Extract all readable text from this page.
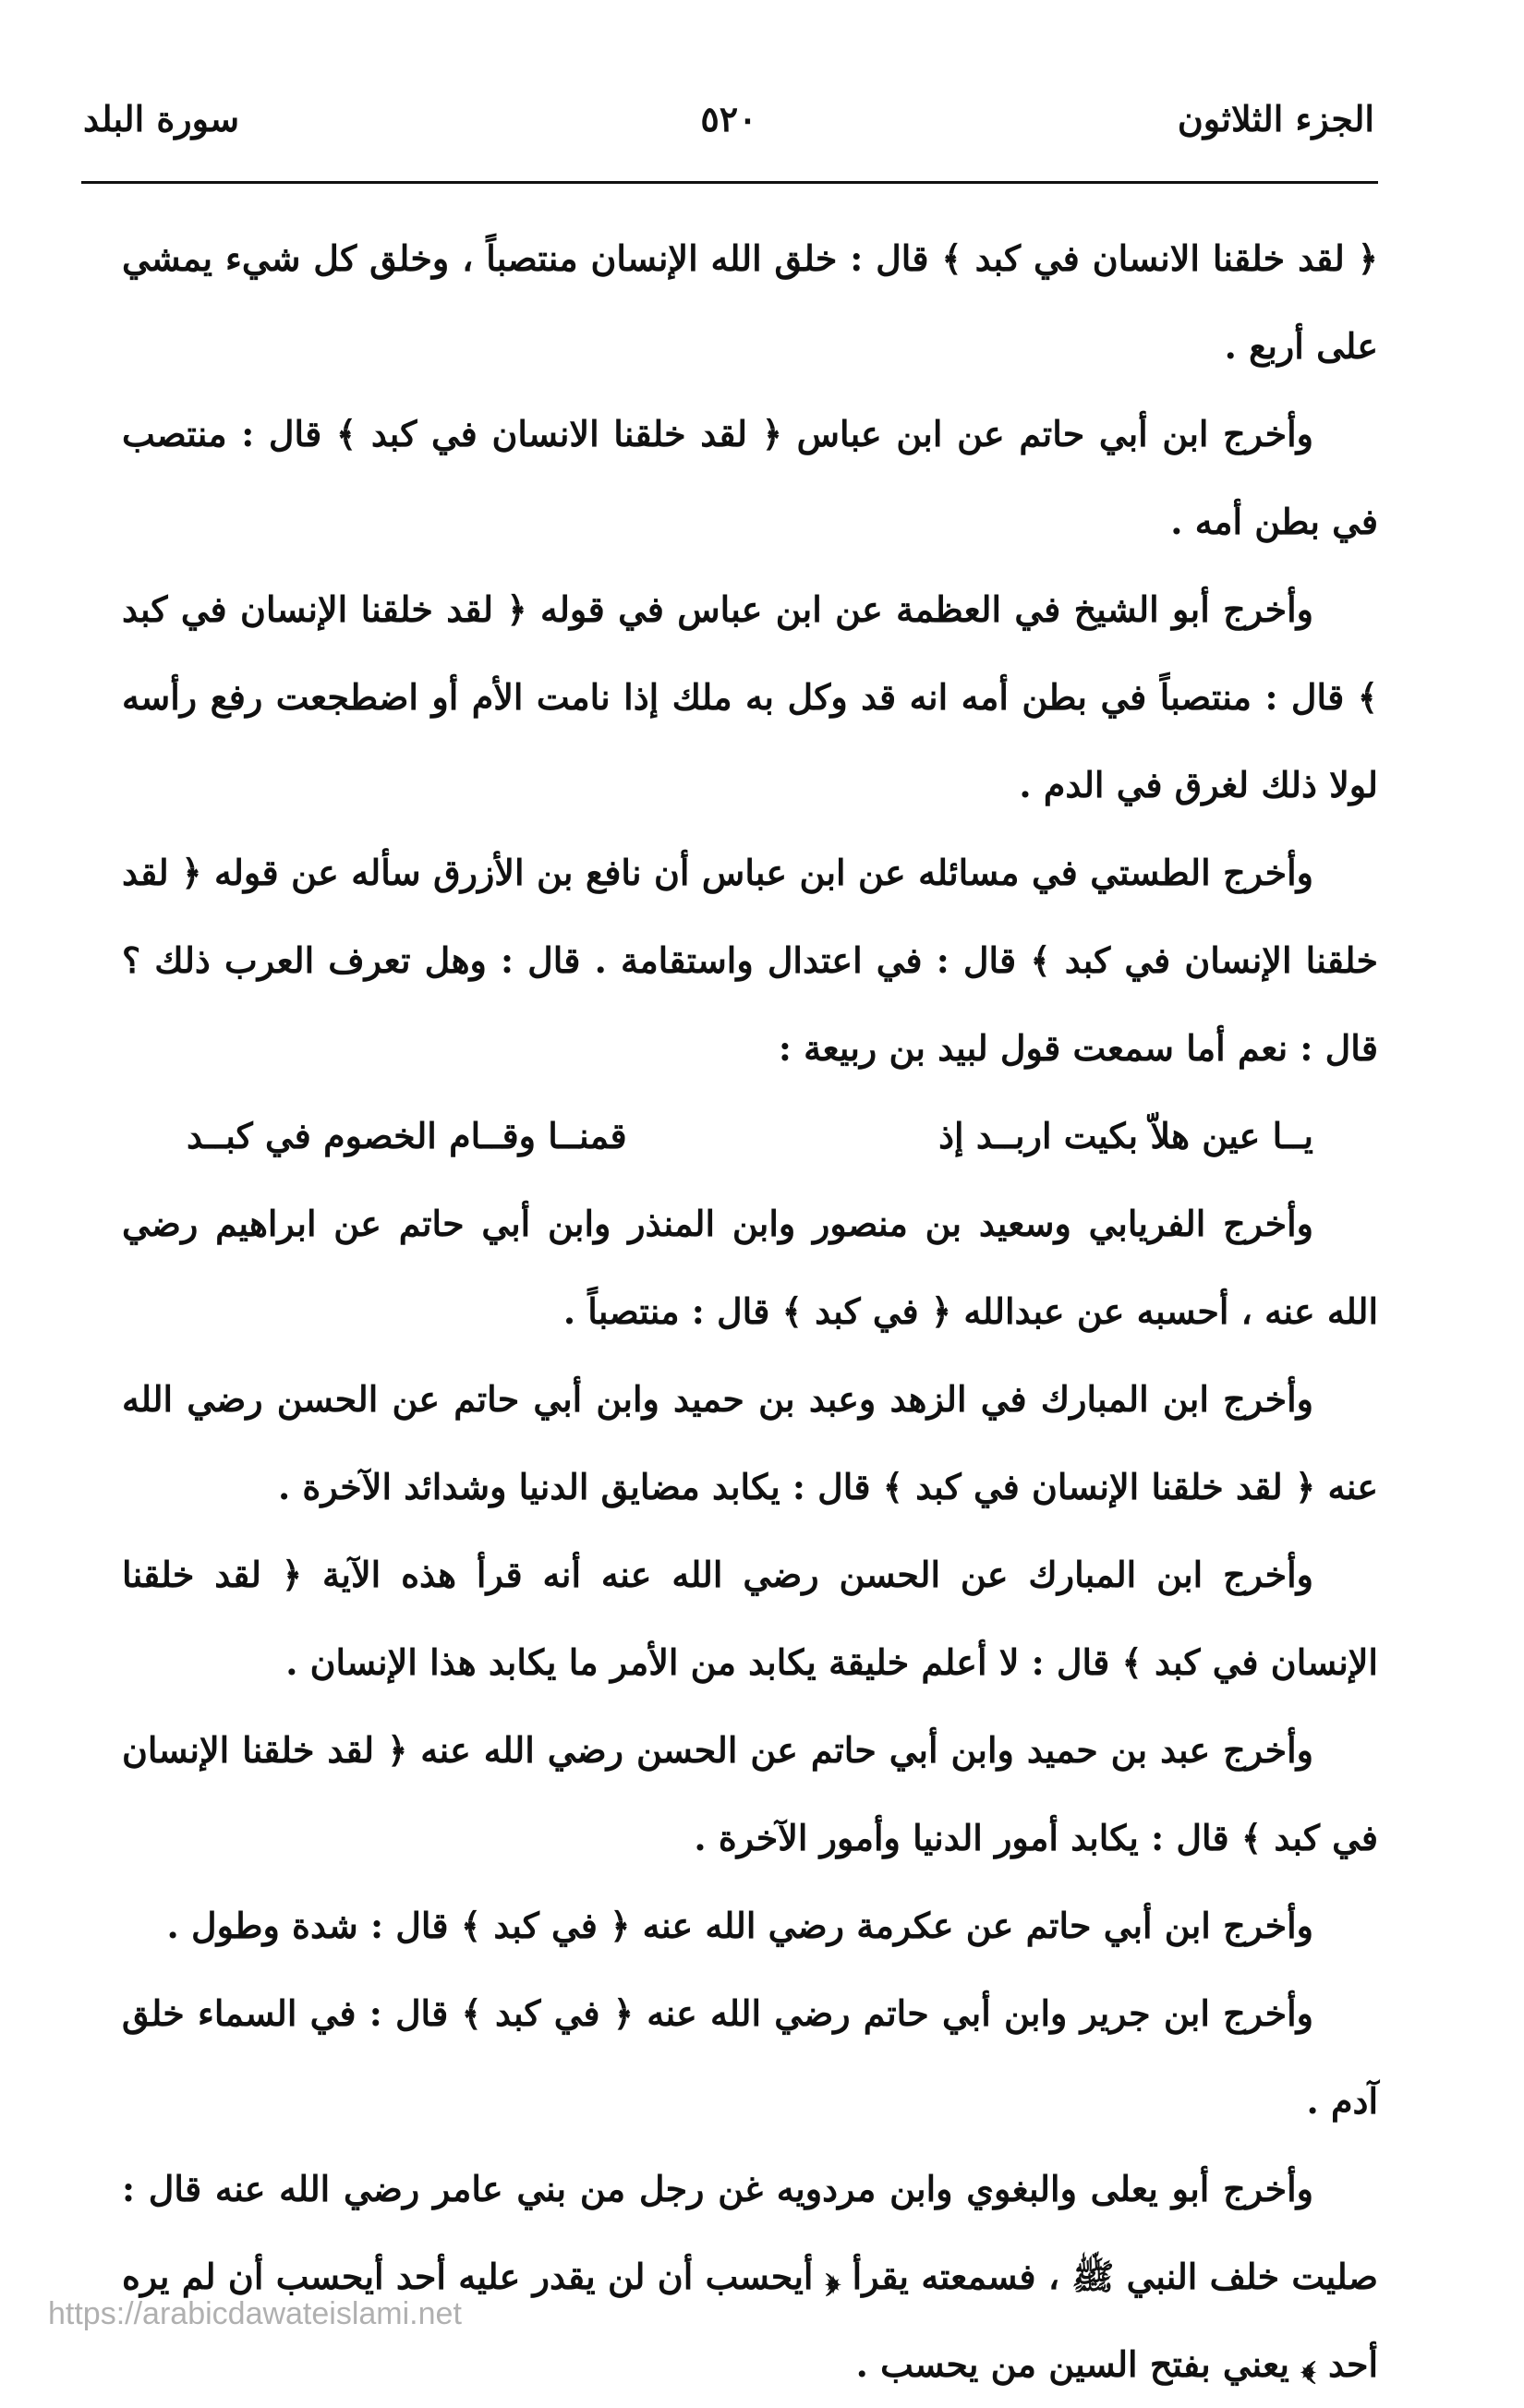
الجزء الثلاثون
٥٢٠
سورة البلد

﴿ لقد خلقنا الانسان في كبد ﴾ قال : خلق الله الإنسان منتصباً ، وخلق كل شيء يمشي على أربع .

وأخرج ابن أبي حاتم عن ابن عباس ﴿ لقد خلقنا الانسان في كبد ﴾ قال : منتصب في بطن أمه .

وأخرج أبو الشيخ في العظمة عن ابن عباس في قوله ﴿ لقد خلقنا الإنسان في كبد ﴾ قال : منتصباً في بطن أمه انه قد وكل به ملك إذا نامت الأم أو اضطجعت رفع رأسه لولا ذلك لغرق في الدم .

وأخرج الطستي في مسائله عن ابن عباس أن نافع بن الأزرق سأله عن قوله ﴿ لقد خلقنا الإنسان في كبد ﴾ قال : في اعتدال واستقامة . قال : وهل تعرف العرب ذلك ؟ قال : نعم أما سمعت قول لبيد بن ربيعة :

يــا عين هلاّ بكيت اربــد إذ
قمنــا وقــام الخصوم في كبــد

وأخرج الفريابي وسعيد بن منصور وابن المنذر وابن أبي حاتم عن ابراهيم رضي الله عنه ، أحسبه عن عبدالله ﴿ في كبد ﴾ قال : منتصباً .

وأخرج ابن المبارك في الزهد وعبد بن حميد وابن أبي حاتم عن الحسن رضي الله عنه ﴿ لقد خلقنا الإنسان في كبد ﴾ قال : يكابد مضايق الدنيا وشدائد الآخرة .

وأخرج ابن المبارك عن الحسن رضي الله عنه أنه قرأ هذه الآية ﴿ لقد خلقنا الإنسان في كبد ﴾ قال : لا أعلم خليقة يكابد من الأمر ما يكابد هذا الإنسان .

وأخرج عبد بن حميد وابن أبي حاتم عن الحسن رضي الله عنه ﴿ لقد خلقنا الإنسان في كبد ﴾ قال : يكابد أمور الدنيا وأمور الآخرة .

وأخرج ابن أبي حاتم عن عكرمة رضي الله عنه ﴿ في كبد ﴾ قال : شدة وطول .

وأخرج ابن جرير وابن أبي حاتم رضي الله عنه ﴿ في كبد ﴾ قال : في السماء خلق آدم .

وأخرج أبو يعلى والبغوي وابن مردويه غن رجل من بني عامر رضي الله عنه قال : صليت خلف النبي ﷺ ، فسمعته يقرأ ﴿ أيحسب أن لن يقدر عليه أحد أيحسب أن لم يره أحد ﴾ يعني بفتح السين من يحسب .

https://arabicdawateislami.net
